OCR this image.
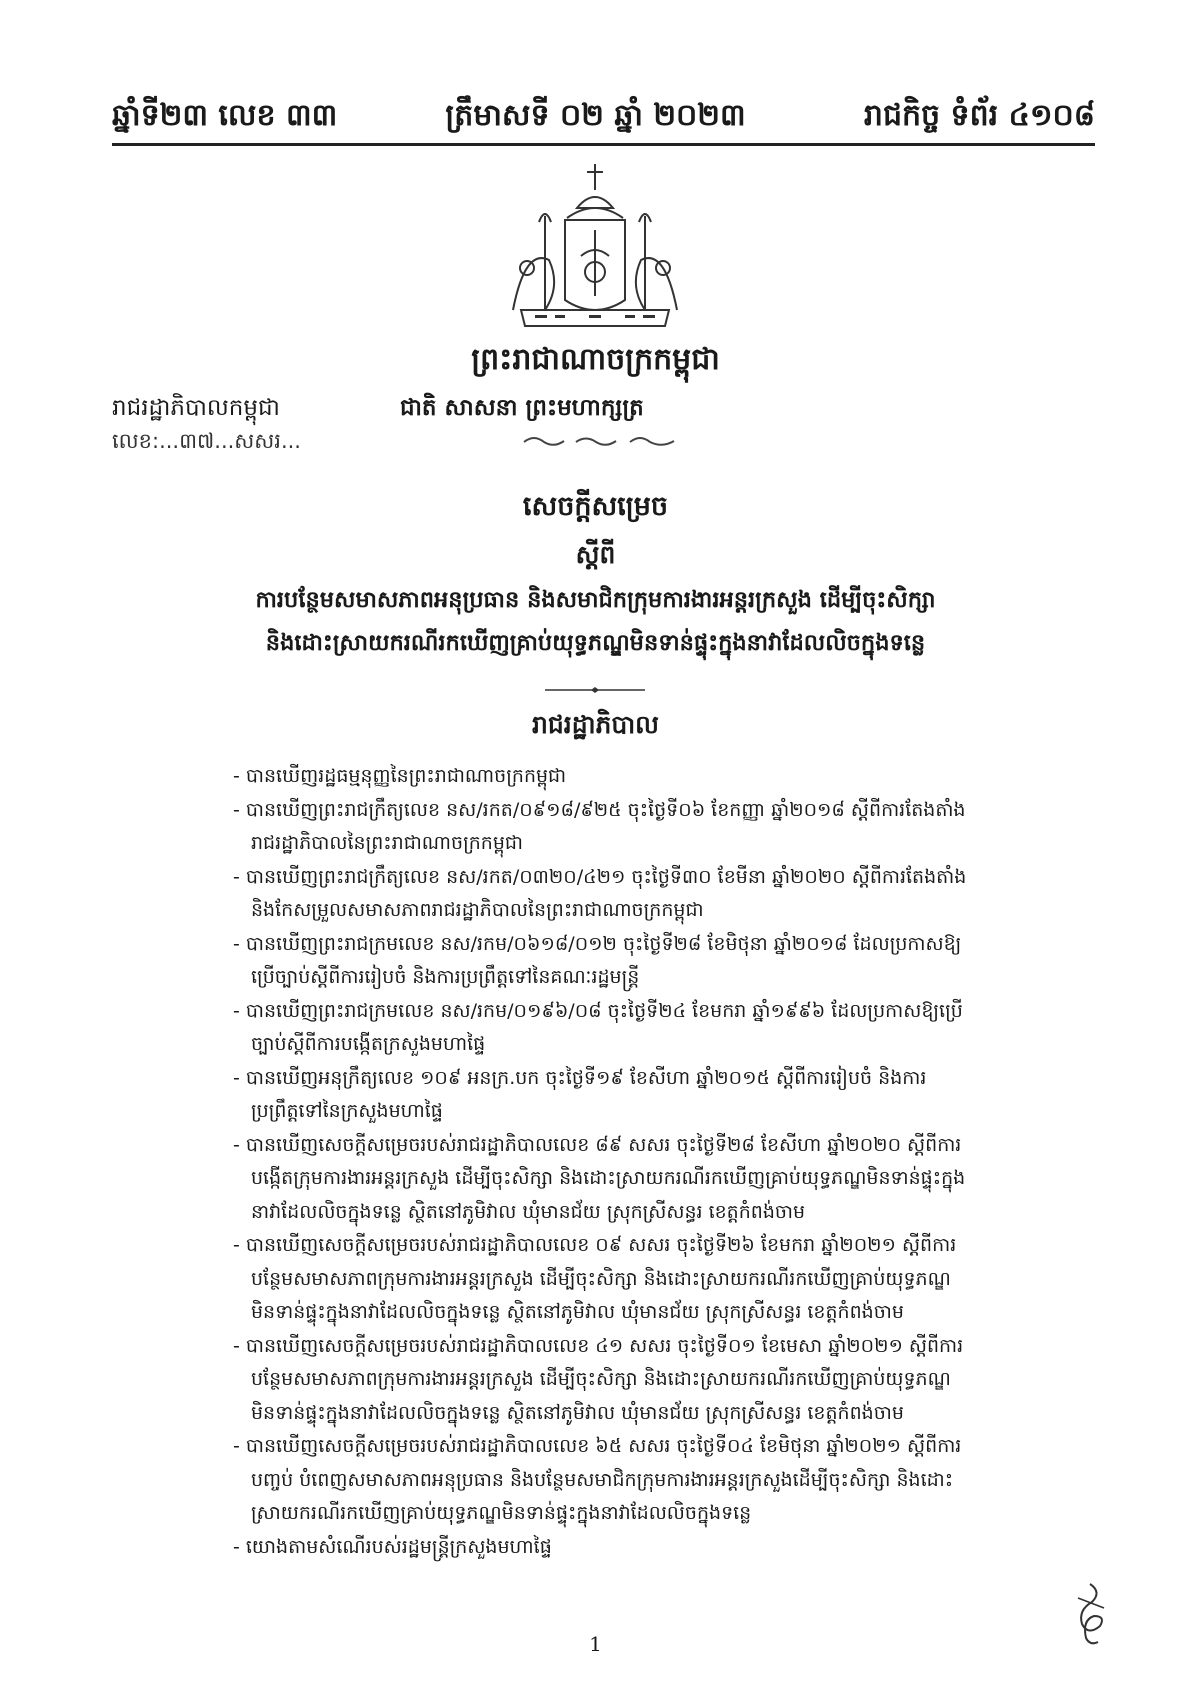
ឆ្នាំទី២៣ លេខ ៣៣	ត្រឹមាសទី ០២ ឆ្នាំ ២០២៣	រាជកិច្ច ទំព័រ ៤១០៨
ព្រះរាជាណាចក្រកម្ពុជា
រាជរដ្ឋាភិបាលកម្ពុជា	ជាតិ សាសនា ព្រះមហាក្សត្រ
លេខ:...៣៧...សសរ...
សេចក្តីសម្រេច
ស្តីពី
ការបន្ថែមសមាសភាពអនុប្រធាន និងសមាជិកក្រុមការងារអន្តរក្រសួង ដើម្បីចុះសិក្សា
និងដោះស្រាយករណីរកឃើញគ្រាប់យុទ្ធភណ្ឌមិនទាន់ផ្ទុះក្នុងនាវាដែលលិចក្នុងទន្លេ
រាជរដ្ឋាភិបាល
- បានឃើញរដ្ឋធម្មនុញ្ញនៃព្រះរាជាណាចក្រកម្ពុជា
- បានឃើញព្រះរាជក្រឹត្យលេខ នស/រកត/០៩១៨/៩២៥ ចុះថ្ងៃទី០៦ ខែកញ្ញា ឆ្នាំ២០១៨ ស្តីពីការតែងតាំង រាជរដ្ឋាភិបាលនៃព្រះរាជាណាចក្រកម្ពុជា
- បានឃើញព្រះរាជក្រឹត្យលេខ នស/រកត/០៣២០/៤២១ ចុះថ្ងៃទី៣០ ខែមីនា ឆ្នាំ២០២០ ស្តីពីការតែងតាំង និងកែសម្រួលសមាសភាពរាជរដ្ឋាភិបាលនៃព្រះរាជាណាចក្រកម្ពុជា
- បានឃើញព្រះរាជក្រមលេខ នស/រកម/០៦១៨/០១២ ចុះថ្ងៃទី២៨ ខែមិថុនា ឆ្នាំ២០១៨ ដែលប្រកាសឱ្យប្រើច្បាប់ស្តីពីការរៀបចំ និងការប្រព្រឹត្តទៅនៃគណៈរដ្ឋមន្ត្រី
- បានឃើញព្រះរាជក្រមលេខ នស/រកម/០១៩៦/០៨ ចុះថ្ងៃទី២៤ ខែមករា ឆ្នាំ១៩៩៦ ដែលប្រកាសឱ្យប្រើច្បាប់ស្តីពីការបង្កើតក្រសួងមហាផ្ទៃ
- បានឃើញអនុក្រឹត្យលេខ ១០៩ អនក្រ.បក ចុះថ្ងៃទី១៩ ខែសីហា ឆ្នាំ២០១៥ ស្តីពីការរៀបចំ និងការប្រព្រឹត្តទៅនៃក្រសួងមហាផ្ទៃ
- បានឃើញសេចក្តីសម្រេចរបស់រាជរដ្ឋាភិបាលលេខ ៨៩ សសរ ចុះថ្ងៃទី២៨ ខែសីហា ឆ្នាំ២០២០ ស្តីពីការបង្កើតក្រុមការងារអន្តរក្រសួង ដើម្បីចុះសិក្សា និងដោះស្រាយករណីរកឃើញគ្រាប់យុទ្ធភណ្ឌមិនទាន់ផ្ទុះក្នុងនាវាដែលលិចក្នុងទន្លេ ស្ថិតនៅភូមិវាល ឃុំមានជ័យ ស្រុកស្រីសន្ធរ ខេត្តកំពង់ចាម
- បានឃើញសេចក្តីសម្រេចរបស់រាជរដ្ឋាភិបាលលេខ ០៩ សសរ ចុះថ្ងៃទី២៦ ខែមករា ឆ្នាំ២០២១ ស្តីពីការបន្ថែមសមាសភាពក្រុមការងារអន្តរក្រសួង ដើម្បីចុះសិក្សា និងដោះស្រាយករណីរកឃើញគ្រាប់យុទ្ធភណ្ឌមិនទាន់ផ្ទុះក្នុងនាវាដែលលិចក្នុងទន្លេ ស្ថិតនៅភូមិវាល ឃុំមានជ័យ ស្រុកស្រីសន្ធរ ខេត្តកំពង់ចាម
- បានឃើញសេចក្តីសម្រេចរបស់រាជរដ្ឋាភិបាលលេខ ៤១ សសរ ចុះថ្ងៃទី០១ ខែមេសា ឆ្នាំ២០២១ ស្តីពីការបន្ថែមសមាសភាពក្រុមការងារអន្តរក្រសួង ដើម្បីចុះសិក្សា និងដោះស្រាយករណីរកឃើញគ្រាប់យុទ្ធភណ្ឌមិនទាន់ផ្ទុះក្នុងនាវាដែលលិចក្នុងទន្លេ ស្ថិតនៅភូមិវាល ឃុំមានជ័យ ស្រុកស្រីសន្ធរ ខេត្តកំពង់ចាម
- បានឃើញសេចក្តីសម្រេចរបស់រាជរដ្ឋាភិបាលលេខ ៦៥ សសរ ចុះថ្ងៃទី០៤ ខែមិថុនា ឆ្នាំ២០២១ ស្តីពីការបញ្ចប់ បំពេញសមាសភាពអនុប្រធាន និងបន្ថែមសមាជិកក្រុមការងារអន្តរក្រសួងដើម្បីចុះសិក្សា និងដោះស្រាយករណីរកឃើញគ្រាប់យុទ្ធភណ្ឌមិនទាន់ផ្ទុះក្នុងនាវាដែលលិចក្នុងទន្លេ
- យោងតាមសំណើរបស់រដ្ឋមន្ត្រីក្រសួងមហាផ្ទៃ
1
